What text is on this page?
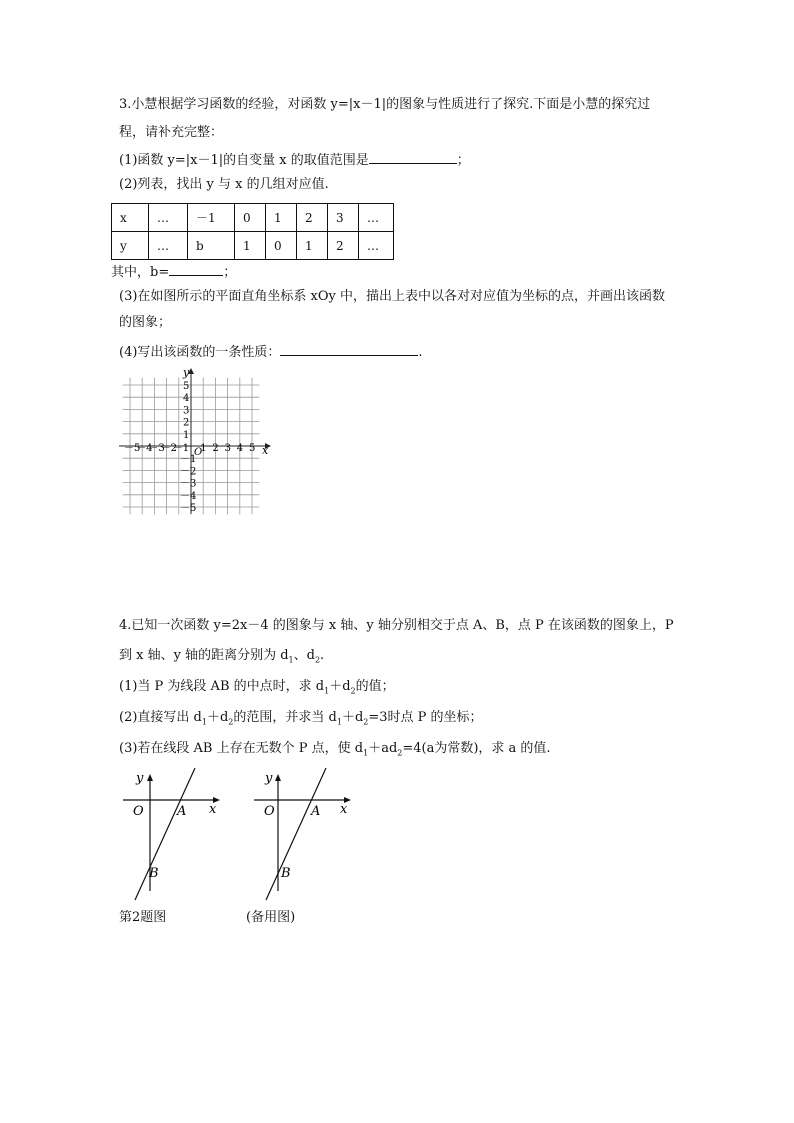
3.小慧根据学习函数的经验，对函数 y=|x－1|的图象与性质进行了探究.下面是小慧的探究过
程，请补充完整：
(1)函数 y=|x－1|的自变量 x 的取值范围是	；
(2)列表，找出 y 与 x 的几组对应值.
x	…	－1	0	1	2	3	…
y	…	b	1	0	1	2	…
其中，b=	；
(3)在如图所示的平面直角坐标系 xOy 中，描出上表中以各对对应值为坐标的点，并画出该函数
的图象；
(4)写出该函数的一条性质：	.
x
y
O
－5
－4
－3
－2
－1 1 2 3 4 5
5
4
3
2
1
－1
－2
－3
－4
－5
4.已知一次函数 y=2x－4 的图象与 x 轴、y 轴分别相交于点 A、B，点 P 在该函数的图象上，P
到 x 轴、y 轴的距离分别为 $d_1$、$d_2$.
(1)当 P 为线段 AB 的中点时，求 $d_1+d_2$的值；
(2)直接写出 $d_1+d_2$的范围，并求当 $d_1+d_2=3$时点 P 的坐标；
(3)若在线段 AB 上存在无数个 P 点，使 $d_1+ad_2=4(a$为常数)，求 a 的值.
y
x
O	A
B
第2题图
y
x
O	A
B
(备用图)
